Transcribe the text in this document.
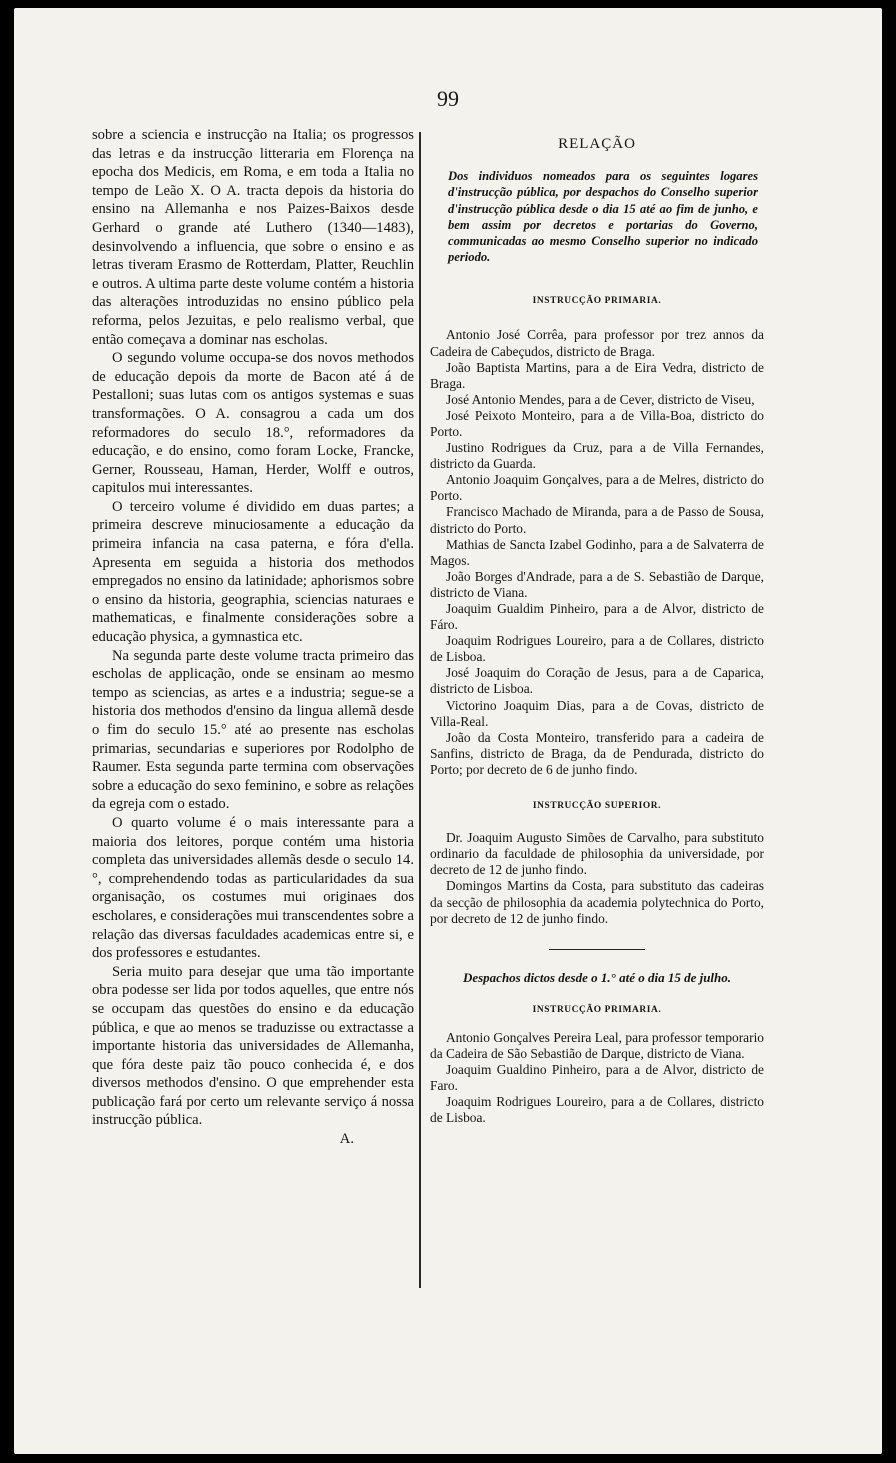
99

sobre a sciencia e instrucção na Italia; os progressos das letras e da instrucção litteraria em Florença na epocha dos Medicis, em Roma, e em toda a Italia no tempo de Leão X. O A. tracta depois da historia do ensino na Allemanha e nos Paizes-Baixos desde Gerhard o grande até Luthero (1340—1483), desinvolvendo a influencia, que sobre o ensino e as letras tiveram Erasmo de Rotterdam, Platter, Reuchlin e outros. A ultima parte deste volume contém a historia das alterações introduzidas no ensino público pela reforma, pelos Jezuitas, e pelo realismo verbal, que então começava a dominar nas escholas.

O segundo volume occupa-se dos novos methodos de educação depois da morte de Bacon até á de Pestalloni; suas lutas com os antigos systemas e suas transformações. O A. consagrou a cada um dos reformadores do seculo 18.°, reformadores da educação, e do ensino, como foram Locke, Francke, Gerner, Rousseau, Haman, Herder, Wolff e outros, capitulos mui interessantes.

O terceiro volume é dividido em duas partes; a primeira descreve minuciosamente a educação da primeira infancia na casa paterna, e fóra d'ella. Apresenta em seguida a historia dos methodos empregados no ensino da latinidade; aphorismos sobre o ensino da historia, geographia, sciencias naturaes e mathematicas, e finalmente considerações sobre a educação physica, a gymnastica etc.

Na segunda parte deste volume tracta primeiro das escholas de applicação, onde se ensinam ao mesmo tempo as sciencias, as artes e a industria; segue-se a historia dos methodos d'ensino da lingua allemã desde o fim do seculo 15.° até ao presente nas escholas primarias, secundarias e superiores por Rodolpho de Raumer. Esta segunda parte termina com observações sobre a educação do sexo feminino, e sobre as relações da egreja com o estado.

O quarto volume é o mais interessante para a maioria dos leitores, porque contém uma historia completa das universidades allemãs desde o seculo 14.°, comprehendendo todas as particularidades da sua organisação, os costumes mui originaes dos escholares, e considerações mui transcendentes sobre a relação das diversas faculdades academicas entre si, e dos professores e estudantes.

Seria muito para desejar que uma tão importante obra podesse ser lida por todos aquelles, que entre nós se occupam das questões do ensino e da educação pública, e que ao menos se traduzisse ou extractasse a importante historia das universidades de Allemanha, que fóra deste paiz tão pouco conhecida é, e dos diversos methodos d'ensino. O que emprehender esta publicação fará por certo um relevante serviço á nossa instrucção pública.

A.

RELAÇÃO

Dos individuos nomeados para os seguintes logares d'instrucção pública, por despachos do Conselho superior d'instrucção pública desde o dia 15 até ao fim de junho, e bem assim por decretos e portarias do Governo, communicadas ao mesmo Conselho superior no indicado periodo.

INSTRUCÇÃO PRIMARIA.

Antonio José Corrêa, para professor por trez annos da Cadeira de Cabeçudos, districto de Braga.

João Baptista Martins, para a de Eira Vedra, districto de Braga.

José Antonio Mendes, para a de Cever, districto de Viseu,

José Peixoto Monteiro, para a de Villa-Boa, districto do Porto.

Justino Rodrigues da Cruz, para a de Villa Fernandes, districto da Guarda.

Antonio Joaquim Gonçalves, para a de Melres, districto do Porto.

Francisco Machado de Miranda, para a de Passo de Sousa, districto do Porto.

Mathias de Sancta Izabel Godinho, para a de Salvaterra de Magos.

João Borges d'Andrade, para a de S. Sebastião de Darque, districto de Viana.

Joaquim Gualdim Pinheiro, para a de Alvor, districto de Fáro.

Joaquim Rodrigues Loureiro, para a de Collares, districto de Lisboa.

José Joaquim do Coração de Jesus, para a de Caparica, districto de Lisboa.

Victorino Joaquim Dias, para a de Covas, districto de Villa-Real.

João da Costa Monteiro, transferido para a cadeira de Sanfins, districto de Braga, da de Pendurada, districto do Porto; por decreto de 6 de junho findo.

INSTRUCÇÃO SUPERIOR.

Dr. Joaquim Augusto Simões de Carvalho, para substituto ordinario da faculdade de philosophia da universidade, por decreto de 12 de junho findo.

Domingos Martins da Costa, para substituto das cadeiras da secção de philosophia da academia polytechnica do Porto, por decreto de 12 de junho findo.

Despachos dictos desde o 1.° até o dia 15 de julho.

INSTRUCÇÃO PRIMARIA.

Antonio Gonçalves Pereira Leal, para professor temporario da Cadeira de São Sebastião de Darque, districto de Viana.

Joaquim Gualdino Pinheiro, para a de Alvor, districto de Faro.

Joaquim Rodrigues Loureiro, para a de Collares, districto de Lisboa.
